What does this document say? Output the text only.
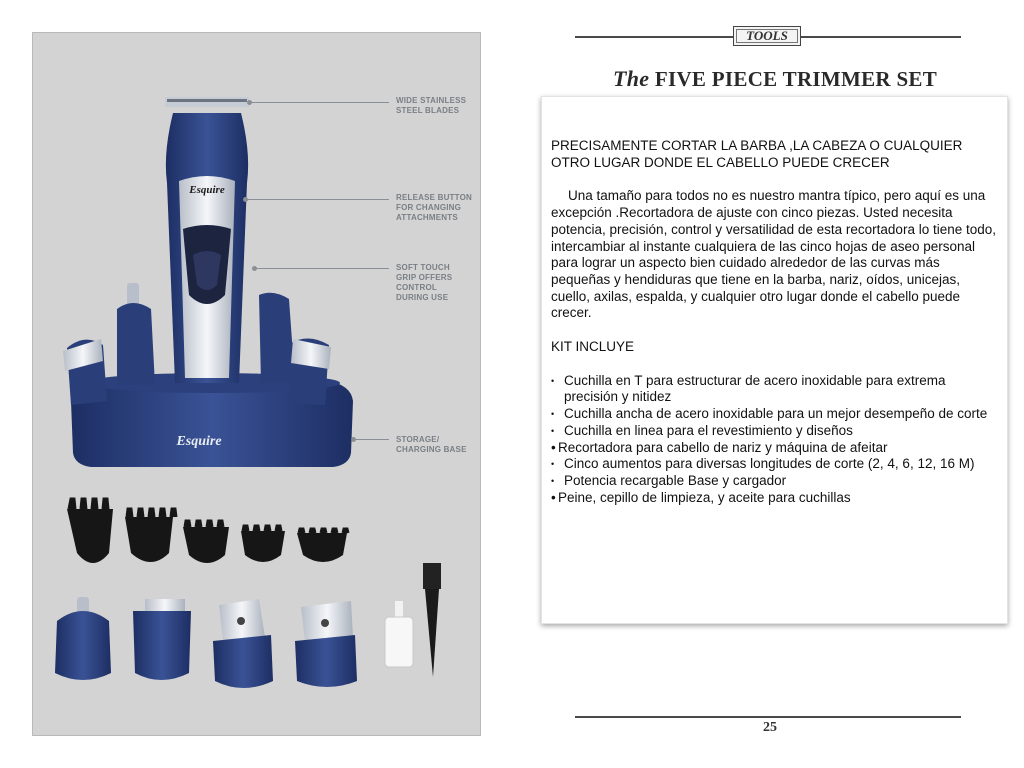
Esquire
Esquire
WIDE STAINLESS
STEEL BLADES
RELEASE BUTTON
FOR CHANGING
ATTACHMENTS
SOFT TOUCH
GRIP OFFERS
CONTROL
DURING USE
STORAGE/
CHARGING BASE
TOOLS
The FIVE PIECE TRIMMER SET

PRECISAMENTE CORTAR LA BARBA ,LA CABEZA O CUALQUIER OTRO LUGAR DONDE EL CABELLO PUEDE CRECER

Una tamaño para todos no es nuestro mantra típico, pero aquí es una excepción .Recortadora de ajuste con cinco piezas. Usted necesita potencia, precisión, control y versatilidad de esta recortadora lo tiene todo, intercambiar al instante cualquiera de las cinco hojas de aseo personal para lograr un aspecto bien cuidado alrededor de las curvas más pequeñas y hendiduras que tiene en la barba, nariz, oídos, unicejas, cuello, axilas, espalda, y cualquier otro lugar donde el cabello puede crecer.

KIT INCLUYE

• Cuchilla en T para estructurar de acero inoxidable para extrema precisión y nitidez
• Cuchilla ancha de acero inoxidable para un mejor desempeño de corte
• Cuchilla en linea para el revestimiento y diseños
• Recortadora para cabello de nariz y máquina de afeitar
• Cinco aumentos para diversas longitudes de corte (2, 4, 6, 12, 16 M)
• Potencia recargable Base y cargador
• Peine, cepillo de limpieza, y aceite para cuchillas
25
